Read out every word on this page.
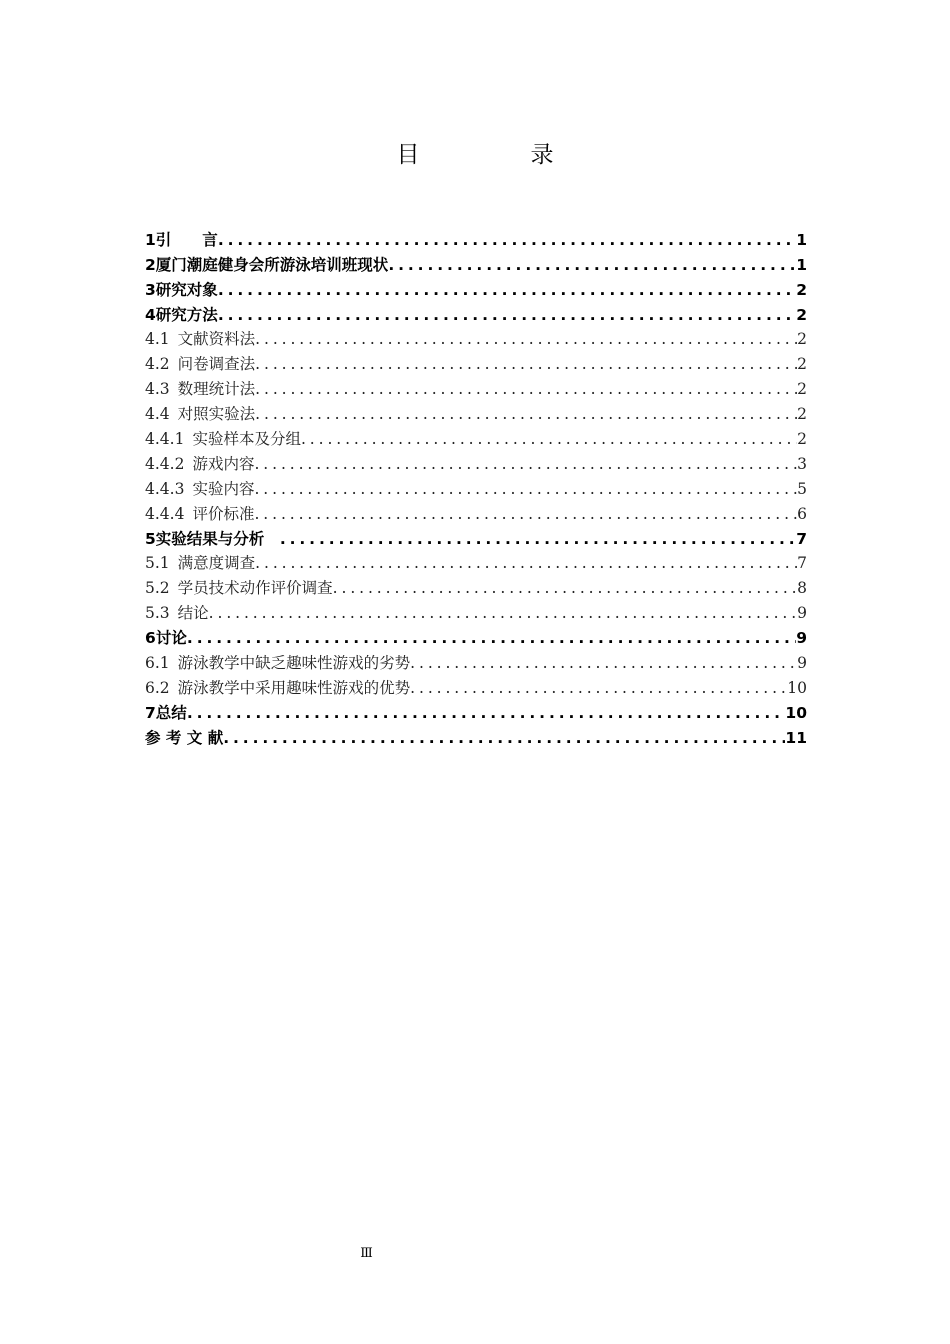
目　录
1 引　　言 .....	1
2 厦门潮庭健身会所游泳培训班现状 .....	1
3 研究对象 .....	2
4 研究方法 .....	2
4.1 文献资料法 .....	2
4.2 问卷调查法 .....	2
4.3 数理统计法 .....	2
4.4 对照实验法 .....	2
4.4.1 实验样本及分组 .....	2
4.4.2 游戏内容 .....	3
4.4.3 实验内容 .....	5
4.4.4 评价标准 .....	6
5 实验结果与分析　 .....	7
5.1 满意度调查 .....	7
5.2 学员技术动作评价调查 .....	8
5.3 结论 .....	9
6 讨论 .....	9
6.1 游泳教学中缺乏趣味性游戏的劣势 .....	9
6.2 游泳教学中采用趣味性游戏的优势 .....	10
7 总结 .....	10
参 考 文 献 .....	11
Ⅲ
